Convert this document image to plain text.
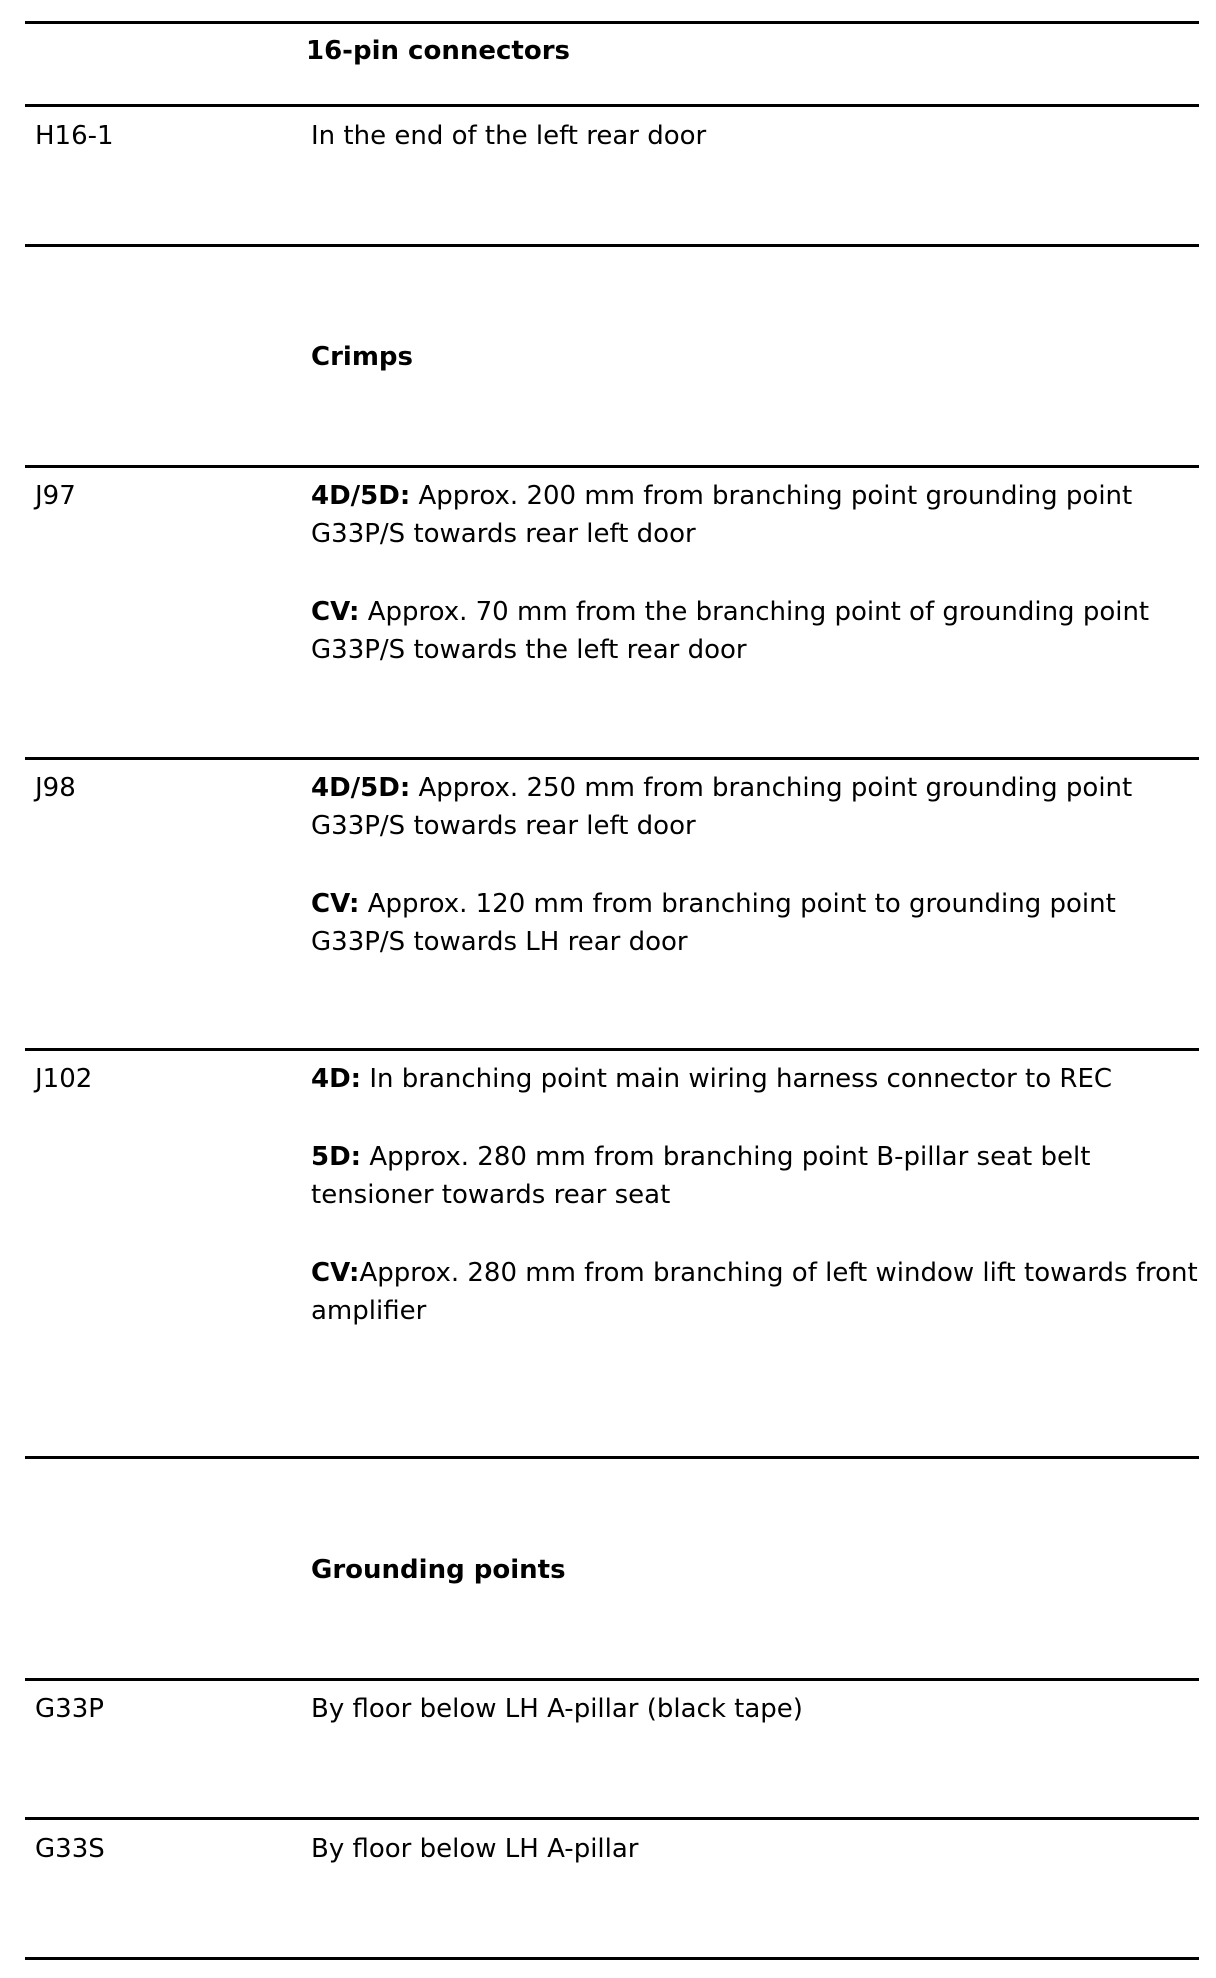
16-pin connectors
H16-1	In the end of the left rear door
Crimps
J97	4D/5D: Approx. 200 mm from branching point grounding point G33P/S towards rear left door

CV: Approx. 70 mm from the branching point of grounding point G33P/S towards the left rear door

J98	4D/5D: Approx. 250 mm from branching point grounding point G33P/S towards rear left door

CV: Approx. 120 mm from branching point to grounding point G33P/S towards LH rear door

J102	4D: In branching point main wiring harness connector to REC

5D: Approx. 280 mm from branching point B-pillar seat belt tensioner towards rear seat

CV:Approx. 280 mm from branching of left window lift towards front amplifier

Grounding points
G33P	By floor below LH A-pillar (black tape)
G33S	By floor below LH A-pillar
